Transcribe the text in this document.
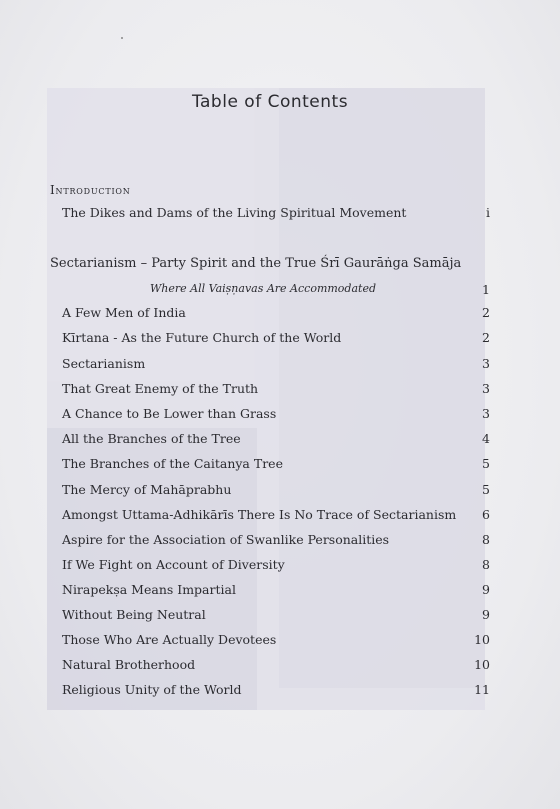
Table of Contents
Introduction
The Dikes and Dams of the Living Spiritual Movement	i
Sectarianism – Party Spirit and the True Śrī Gaurāṅga Samāja
Where All Vaiṣṇavas Are Accommodated	1
A Few Men of India	2
Kīrtana - As the Future Church of the World	2
Sectarianism	3
That Great Enemy of the Truth	3
A Chance to Be Lower than Grass	3
All the Branches of the Tree	4
The Branches of the Caitanya Tree	5
The Mercy of Mahāprabhu	5
Amongst Uttama-Adhikārīs There Is No Trace of Sectarianism 6
Aspire for the Association of Swanlike Personalities	8
If We Fight on Account of Diversity	8
Nirapekṣa Means Impartial	9
Without Being Neutral	9
Those Who Are Actually Devotees	10
Natural Brotherhood	10
Religious Unity of the World	11
